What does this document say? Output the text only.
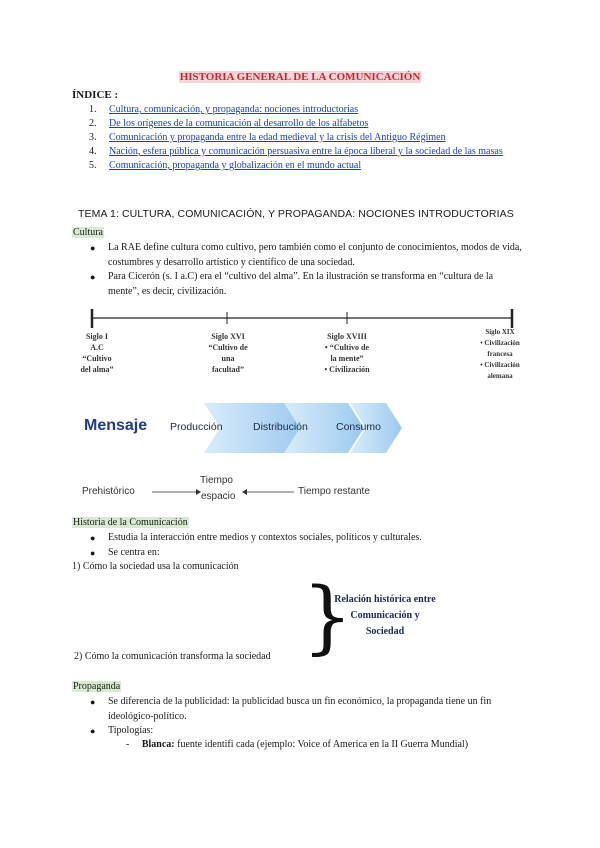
HISTORIA GENERAL DE LA COMUNICACIÓN
ÍNDICE :
1. Cultura, comunicación, y propaganda: nociones introductorias
2. De los orígenes de la comunicación al desarrollo de los alfabetos
3. Comunicación y propaganda entre la edad medieval y la crisis del Antiguo Régimen
4. Nación, esfera pública y comunicación persuasiva entre la época liberal y la sociedad de las masas
5. Comunicación, propaganda y globalización en el mundo actual
TEMA 1: CULTURA, COMUNICACIÓN, Y PROPAGANDA: NOCIONES INTRODUCTORIAS
Cultura
● La RAE define cultura como cultivo, pero también como el conjunto de conocimientos, modos de vida, costumbres y desarrollo artístico y científico de una sociedad.
● Para Cicerón (s. I a.C) era el “cultivo del alma”. En la ilustración se transforma en “cultura de la mente”, es decir, civilización.
Siglo I
A.C
“Cultivo
del alma”
Siglo XVI
“Cultivo de
una
facultad”
Siglo XVIII
• “Cultivo de
la mente”
• Civilización
Siglo XIX
• Civilización
francesa
• Civilización
alemana
Mensaje Producción	Distribución	Consumo
Prehistórico
Tiempo
espacio	Tiempo restante
Historia de la Comunicación
● Estudia la interacción entre medios y contextos sociales, políticos y culturales.
● Se centra en:
1) Cómo la sociedad usa la comunicación
}
Relación histórica entre
Comunicación y
Sociedad
2) Cómo la comunicación transforma la sociedad
Propaganda
● Se diferencia de la publicidad: la publicidad busca un fin económico, la propaganda tiene un fin ideológico-político.
● Tipologías:
- Blanca: fuente identifi cada (ejemplo: Voice of America en la II Guerra Mundial)
